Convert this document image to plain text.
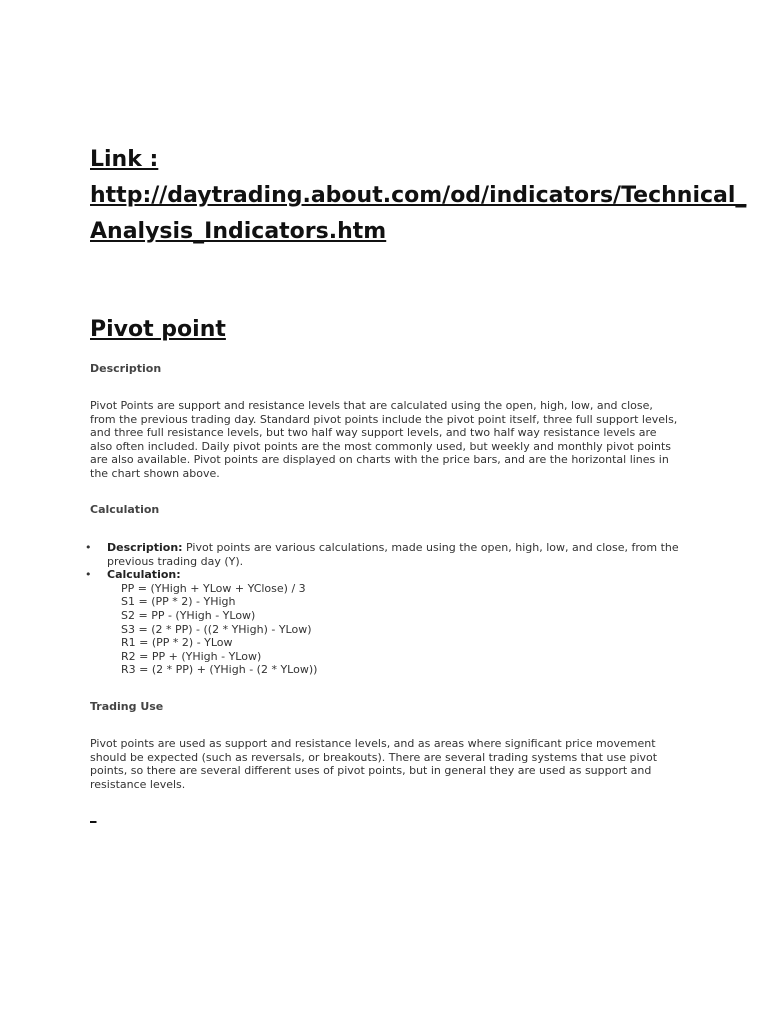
Link :
http://daytrading.about.com/od/indicators/Technical_
Analysis_Indicators.htm
Pivot point
Description

Pivot Points are support and resistance levels that are calculated using the open, high, low, and close, from the previous trading day. Standard pivot points include the pivot point itself, three full support levels, and three full resistance levels, but two half way support levels, and two half way resistance levels are also often included. Daily pivot points are the most commonly used, but weekly and monthly pivot points are also available. Pivot points are displayed on charts with the price bars, and are the horizontal lines in the chart shown above.

Calculation
• Description: Pivot points are various calculations, made using the open, high, low, and close, from the previous trading day (Y).
• Calculation:
PP = (YHigh + YLow + YClose) / 3
S1 = (PP * 2) - YHigh
S2 = PP - (YHigh - YLow)
S3 = (2 * PP) - ((2 * YHigh) - YLow)
R1 = (PP * 2) - YLow
R2 = PP + (YHigh - YLow)
R3 = (2 * PP) + (YHigh - (2 * YLow))
Trading Use

Pivot points are used as support and resistance levels, and as areas where significant price movement should be expected (such as reversals, or breakouts). There are several trading systems that use pivot points, so there are several different uses of pivot points, but in general they are used as support and resistance levels.

_
